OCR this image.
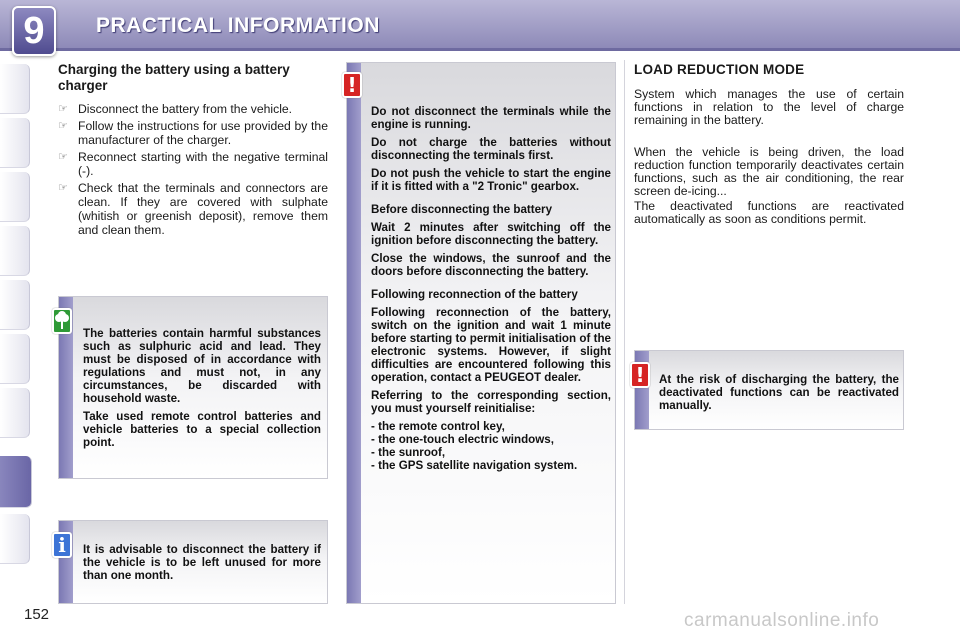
9	PRACTICAL INFORMATION
Charging the battery using a battery charger
☞ Disconnect the battery from the vehicle.
☞ Follow the instructions for use provided by the manufacturer of the charger.
☞ Reconnect starting with the negative terminal (-).
☞ Check that the terminals and connectors are clean. If they are covered with sulphate (whitish or greenish deposit), remove them and clean them.

The batteries contain harmful substances such as sulphuric acid and lead. They must be disposed of in accordance with regulations and must not, in any circumstances, be discarded with household waste.

Take used remote control batteries and vehicle batteries to a special collection point.

It is advisable to disconnect the battery if the vehicle is to be left unused for more than one month.
i

Do not disconnect the terminals while the engine is running.

Do not charge the batteries without disconnecting the terminals first.

Do not push the vehicle to start the engine if it is fitted with a "2 Tronic" gearbox.

Before disconnecting the battery

Wait 2 minutes after switching off the ignition before disconnecting the battery.

Close the windows, the sunroof and the doors before disconnecting the battery.

Following reconnection of the battery

Following reconnection of the battery, switch on the ignition and wait 1 minute before starting to permit initialisation of the electronic systems. However, if slight difficulties are encountered following this operation, contact a PEUGEOT dealer.

Referring to the corresponding section, you must yourself reinitialise:

- the remote control key,
- the one-touch electric windows,
- the sunroof,
- the GPS satellite navigation system.
!
LOAD REDUCTION MODE
System which manages the use of certain functions in relation to the level of charge remaining in the battery.
When the vehicle is being driven, the load reduction function temporarily deactivates certain functions, such as the air conditioning, the rear screen de-icing...
The deactivated functions are reactivated automatically as soon as conditions permit.
At the risk of discharging the battery, the deactivated functions can be reactivated manually.
!
152	carmanualsonline.info
